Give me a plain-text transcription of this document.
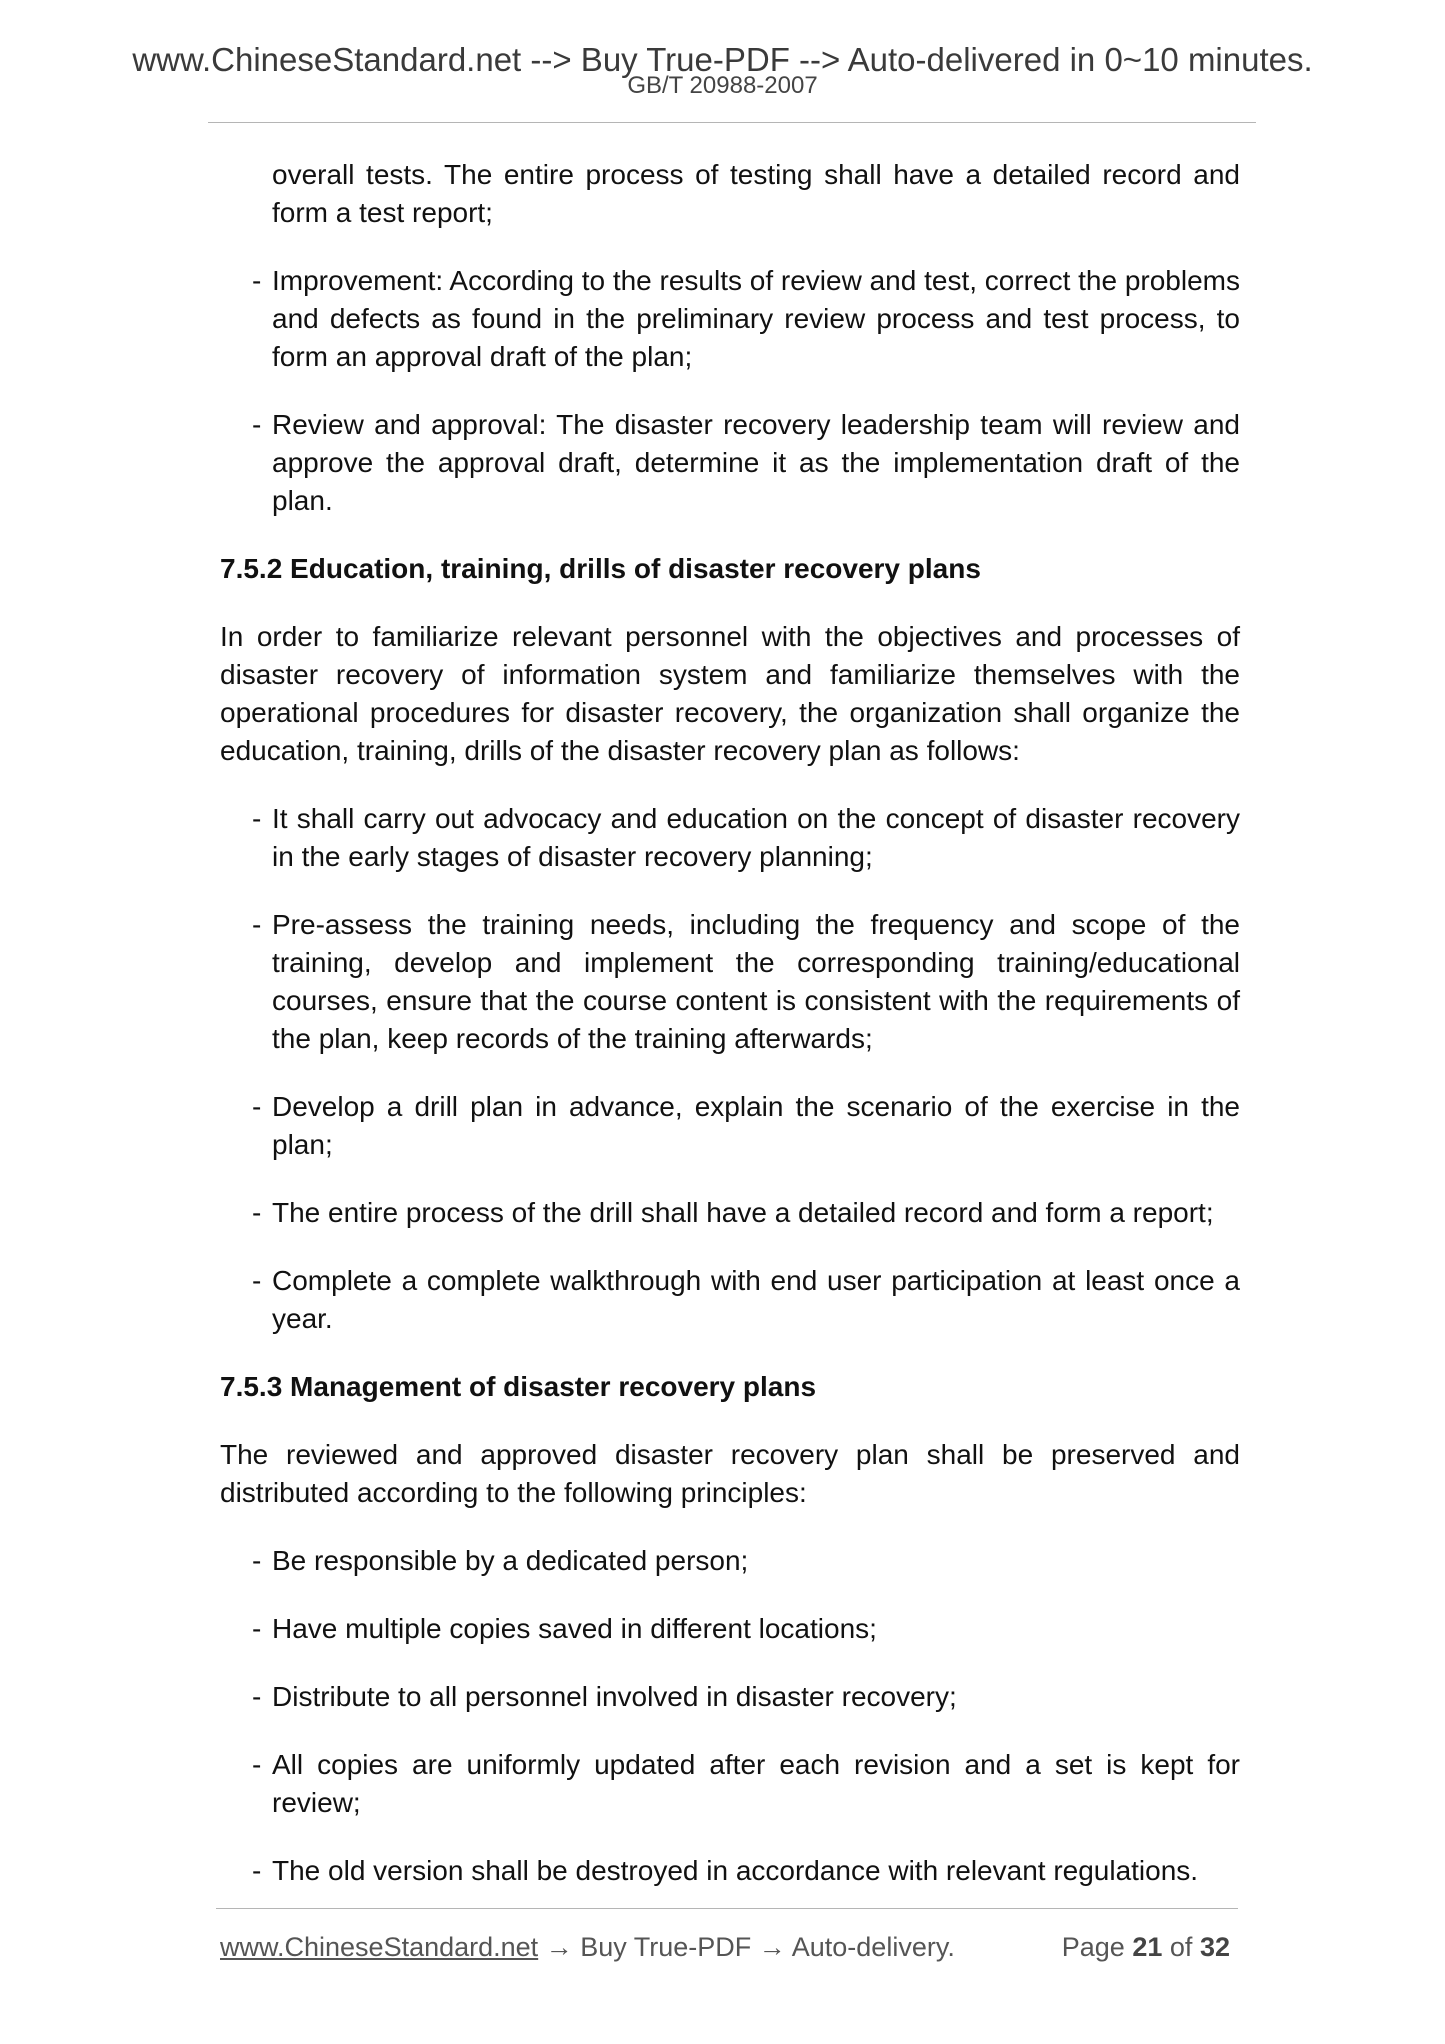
www.ChineseStandard.net --> Buy True-PDF --> Auto-delivered in 0~10 minutes.
GB/T 20988-2007
overall tests. The entire process of testing shall have a detailed record and form a test report;
- Improvement: According to the results of review and test, correct the problems and defects as found in the preliminary review process and test process, to form an approval draft of the plan;
- Review and approval: The disaster recovery leadership team will review and approve the approval draft, determine it as the implementation draft of the plan.
7.5.2 Education, training, drills of disaster recovery plans

In order to familiarize relevant personnel with the objectives and processes of disaster recovery of information system and familiarize themselves with the operational procedures for disaster recovery, the organization shall organize the education, training, drills of the disaster recovery plan as follows:

- It shall carry out advocacy and education on the concept of disaster recovery in the early stages of disaster recovery planning;
- Pre-assess the training needs, including the frequency and scope of the training, develop and implement the corresponding training/educational courses, ensure that the course content is consistent with the requirements of the plan, keep records of the training afterwards;
- Develop a drill plan in advance, explain the scenario of the exercise in the plan;
- The entire process of the drill shall have a detailed record and form a report;
- Complete a complete walkthrough with end user participation at least once a year.
7.5.3 Management of disaster recovery plans

The reviewed and approved disaster recovery plan shall be preserved and distributed according to the following principles:

- Be responsible by a dedicated person;
- Have multiple copies saved in different locations;
- Distribute to all personnel involved in disaster recovery;
- All copies are uniformly updated after each revision and a set is kept for review;
- The old version shall be destroyed in accordance with relevant regulations.
www.ChineseStandard.net → Buy True-PDF → Auto-delivery.	Page 21 of 32
